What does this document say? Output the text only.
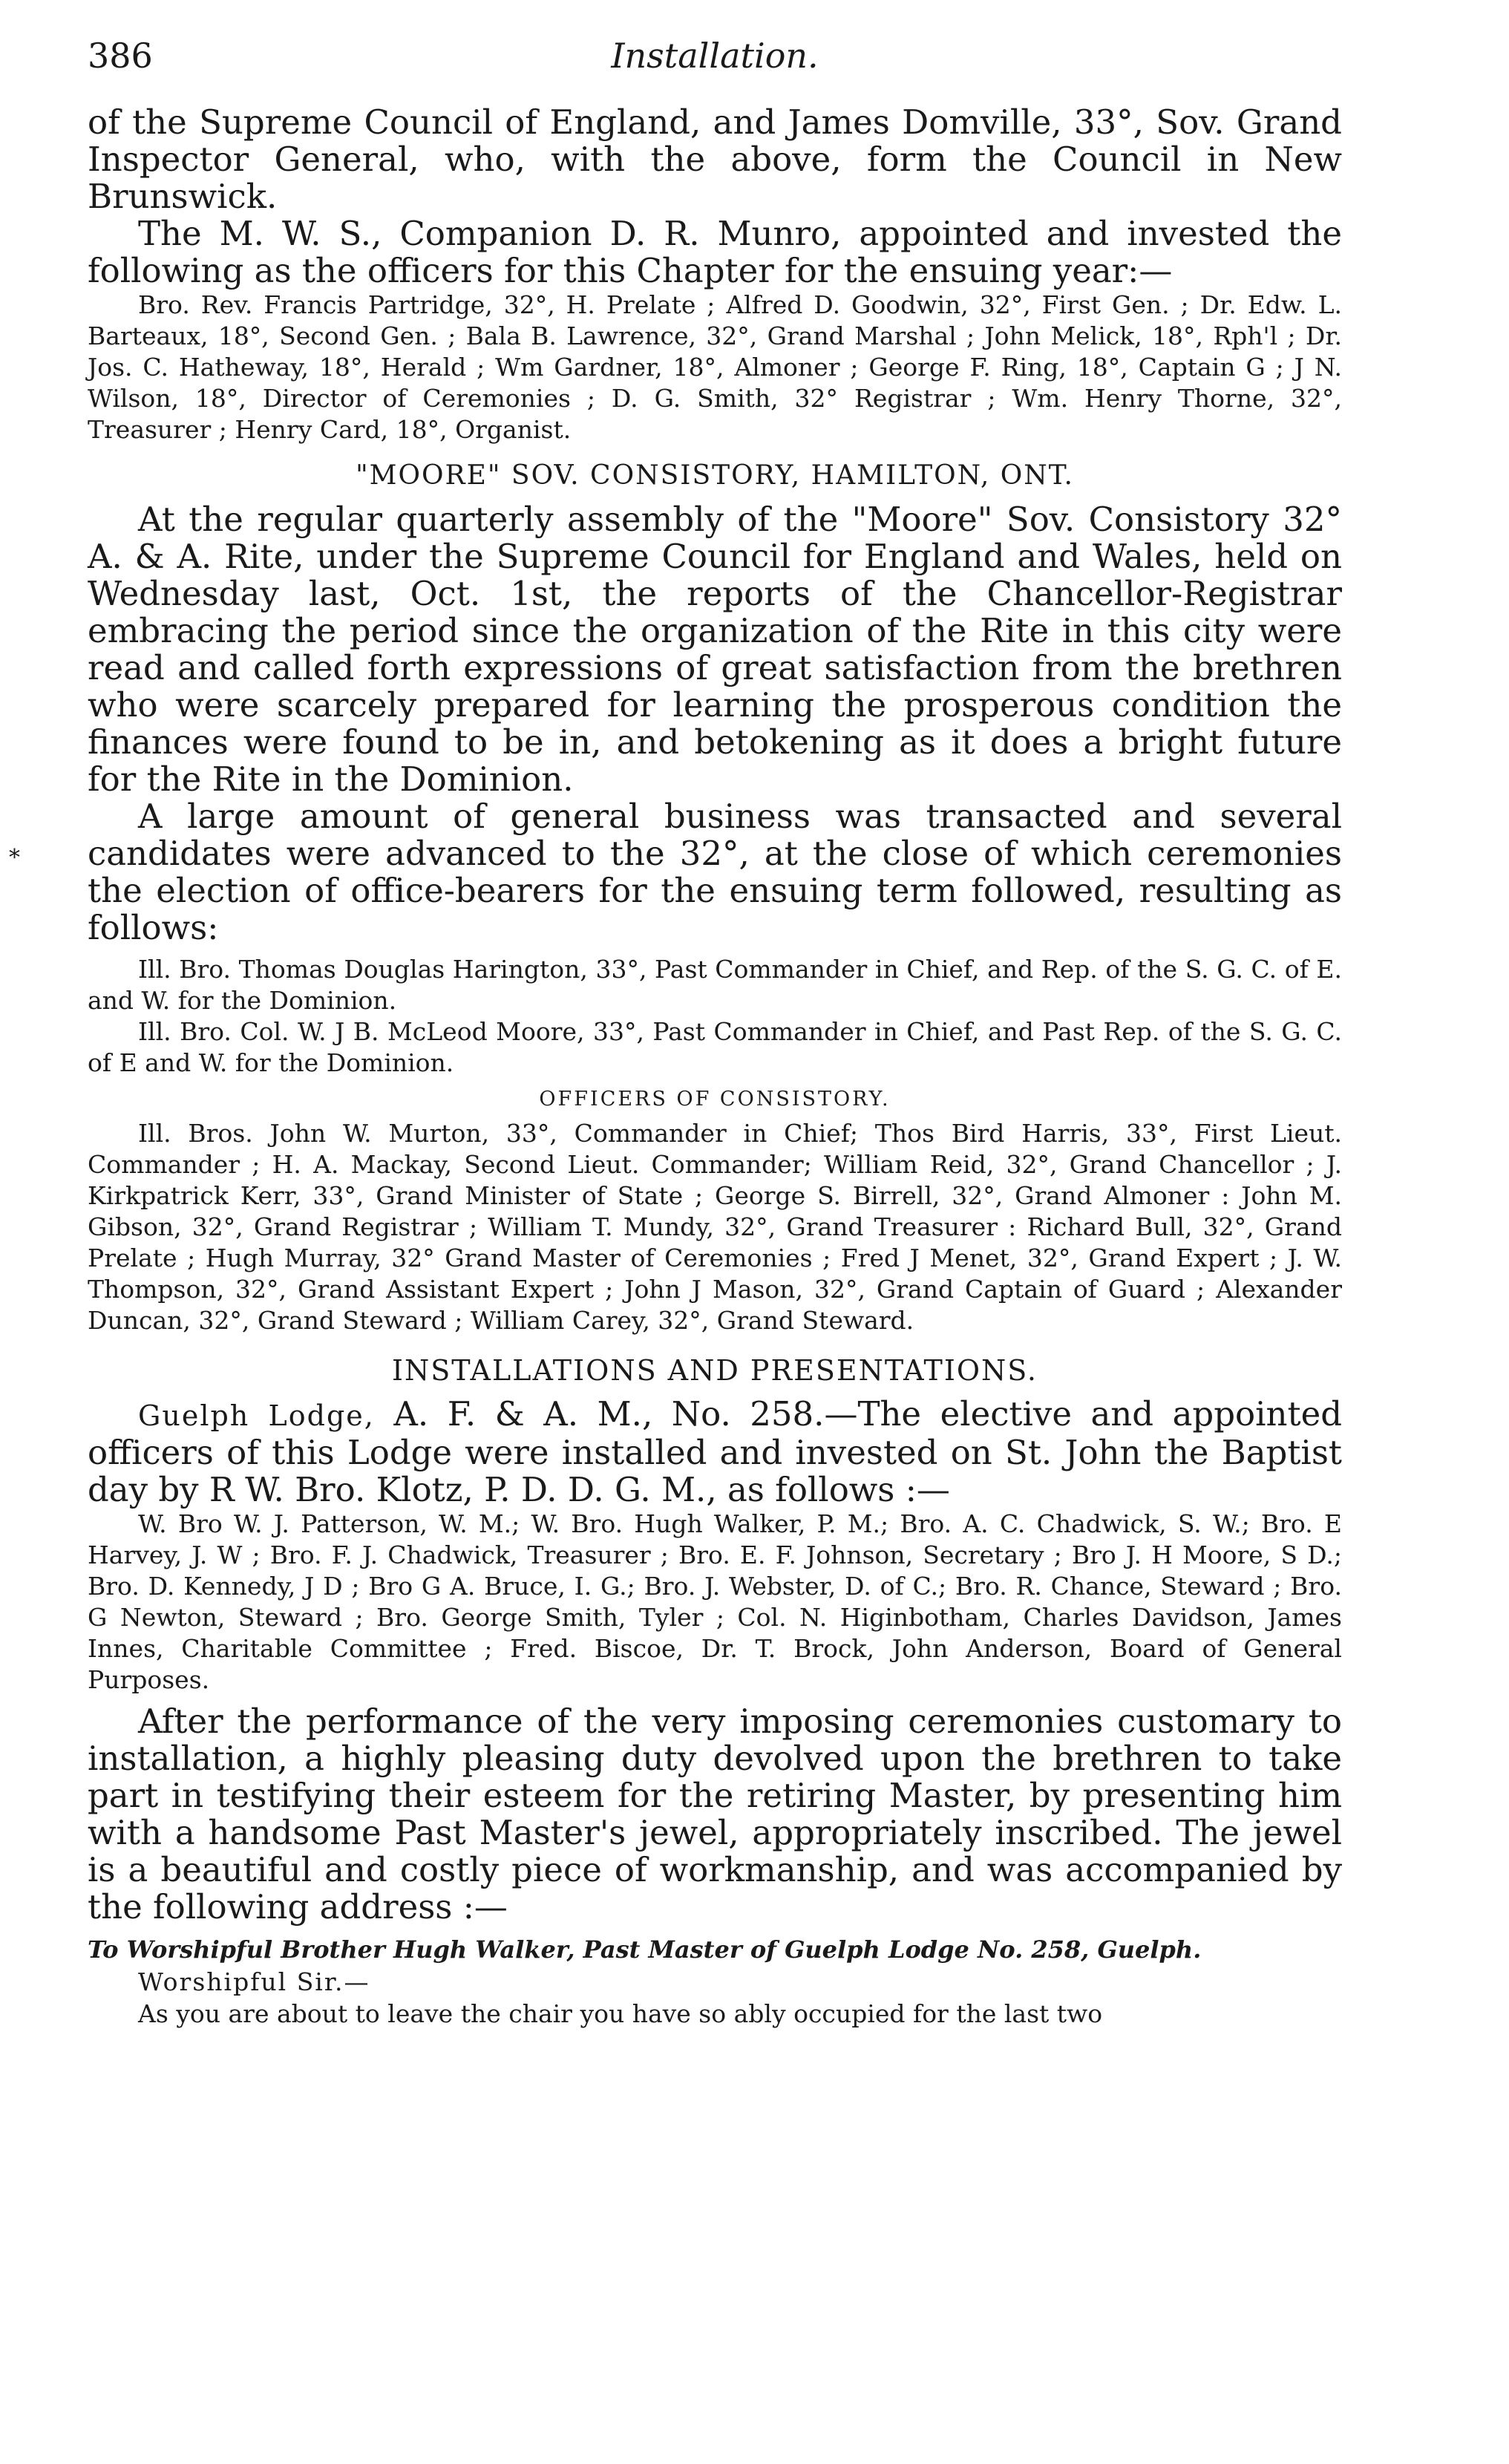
*
386	Installation.

of the Supreme Council of England, and James Domville, 33°, Sov. Grand Inspector General, who, with the above, form the Council in New Brunswick.

The M. W. S., Companion D. R. Munro, appointed and invested the following as the officers for this Chapter for the ensuing year:—

Bro. Rev. Francis Partridge, 32°, H. Prelate ; Alfred D. Goodwin, 32°, First Gen. ; Dr. Edw. L. Barteaux, 18°, Second Gen. ; Bala B. Lawrence, 32°, Grand Marshal ; John Melick, 18°, Rph'l ; Dr. Jos. C. Hatheway, 18°, Herald ; Wm Gardner, 18°, Almoner ; George F. Ring, 18°, Captain G ; J N. Wilson, 18°, Director of Ceremonies ; D. G. Smith, 32° Registrar ; Wm. Henry Thorne, 32°, Treasurer ; Henry Card, 18°, Organist.

"MOORE" SOV. CONSISTORY, HAMILTON, ONT.

At the regular quarterly assembly of the "Moore" Sov. Consistory 32° A. & A. Rite, under the Supreme Council for England and Wales, held on Wednesday last, Oct. 1st, the reports of the Chancellor-Registrar embracing the period since the organization of the Rite in this city were read and called forth expressions of great satisfaction from the brethren who were scarcely prepared for learning the prosperous condition the finances were found to be in, and betokening as it does a bright future for the Rite in the Dominion.

A large amount of general business was transacted and several candidates were advanced to the 32°, at the close of which ceremonies the election of office-bearers for the ensuing term followed, resulting as follows:

Ill. Bro. Thomas Douglas Harington, 33°, Past Commander in Chief, and Rep. of the S. G. C. of E. and W. for the Dominion.

Ill. Bro. Col. W. J B. McLeod Moore, 33°, Past Commander in Chief, and Past Rep. of the S. G. C. of E and W. for the Dominion.

OFFICERS OF CONSISTORY.

Ill. Bros. John W. Murton, 33°, Commander in Chief; Thos Bird Harris, 33°, First Lieut. Commander ; H. A. Mackay, Second Lieut. Commander; William Reid, 32°, Grand Chancellor ; J. Kirkpatrick Kerr, 33°, Grand Minister of State ; George S. Birrell, 32°, Grand Almoner : John M. Gibson, 32°, Grand Registrar ; William T. Mundy, 32°, Grand Treasurer : Richard Bull, 32°, Grand Prelate ; Hugh Murray, 32° Grand Master of Ceremonies ; Fred J Menet, 32°, Grand Expert ; J. W. Thompson, 32°, Grand Assistant Expert ; John J Mason, 32°, Grand Captain of Guard ; Alexander Duncan, 32°, Grand Steward ; William Carey, 32°, Grand Steward.

INSTALLATIONS AND PRESENTATIONS.

Guelph Lodge, A. F. & A. M., No. 258.—The elective and appointed officers of this Lodge were installed and invested on St. John the Baptist day by R W. Bro. Klotz, P. D. D. G. M., as follows :—

W. Bro W. J. Patterson, W. M.; W. Bro. Hugh Walker, P. M.; Bro. A. C. Chadwick, S. W.; Bro. E Harvey, J. W ; Bro. F. J. Chadwick, Treasurer ; Bro. E. F. Johnson, Secretary ; Bro J. H Moore, S D.; Bro. D. Kennedy, J D ; Bro G A. Bruce, I. G.; Bro. J. Webster, D. of C.; Bro. R. Chance, Steward ; Bro. G Newton, Steward ; Bro. George Smith, Tyler ; Col. N. Higinbotham, Charles Davidson, James Innes, Charitable Committee ; Fred. Biscoe, Dr. T. Brock, John Anderson, Board of General Purposes.

After the performance of the very imposing ceremonies customary to installation, a highly pleasing duty devolved upon the brethren to take part in testifying their esteem for the retiring Master, by presenting him with a handsome Past Master's jewel, appropriately inscribed. The jewel is a beautiful and costly piece of workmanship, and was accompanied by the following address :—

To Worshipful Brother Hugh Walker, Past Master of Guelph Lodge No. 258, Guelph.

Worshipful Sir.—

As you are about to leave the chair you have so ably occupied for the last two
